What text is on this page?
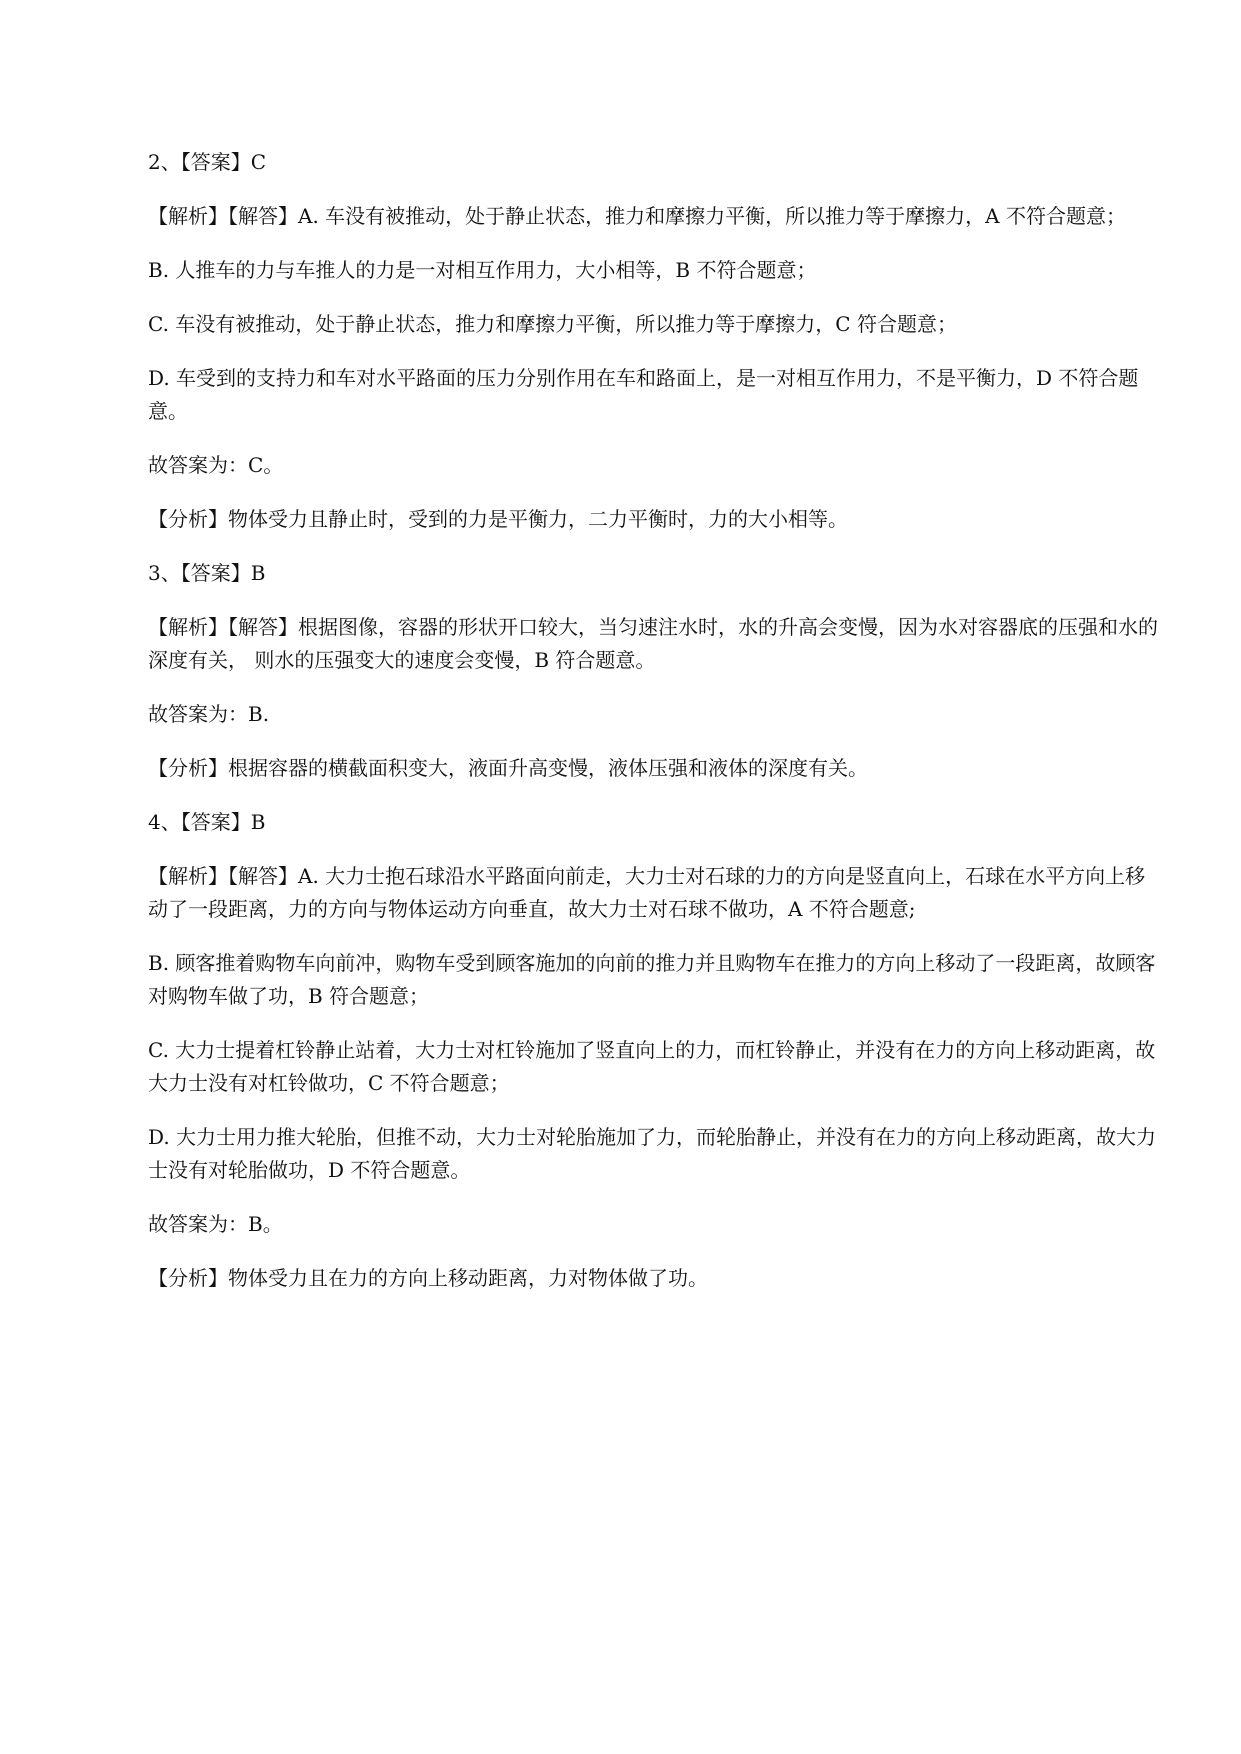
2、【答案】C

【解析】【解答】A. 车没有被推动，处于静止状态，推力和摩擦力平衡，所以推力等于摩擦力，A 不符合题意；

B. 人推车的力与车推人的力是一对相互作用力，大小相等，B 不符合题意；

C. 车没有被推动，处于静止状态，推力和摩擦力平衡，所以推力等于摩擦力，C 符合题意；

D. 车受到的支持力和车对水平路面的压力分别作用在车和路面上，是一对相互作用力，不是平衡力，D 不符合题意。

故答案为：C。

【分析】物体受力且静止时，受到的力是平衡力，二力平衡时，力的大小相等。

3、【答案】B

【解析】【解答】根据图像，容器的形状开口较大，当匀速注水时，水的升高会变慢，因为水对容器底的压强和水的深度有关， 则水的压强变大的速度会变慢，B 符合题意。

故答案为：B.

【分析】根据容器的横截面积变大，液面升高变慢，液体压强和液体的深度有关。

4、【答案】B

【解析】【解答】A. 大力士抱石球沿水平路面向前走，大力士对石球的力的方向是竖直向上，石球在水平方向上移动了一段距离，力的方向与物体运动方向垂直，故大力士对石球不做功，A 不符合题意;

B. 顾客推着购物车向前冲，购物车受到顾客施加的向前的推力并且购物车在推力的方向上移动了一段距离，故顾客对购物车做了功，B 符合题意；

C. 大力士提着杠铃静止站着，大力士对杠铃施加了竖直向上的力，而杠铃静止，并没有在力的方向上移动距离，故大力士没有对杠铃做功，C 不符合题意；

D. 大力士用力推大轮胎，但推不动，大力士对轮胎施加了力，而轮胎静止，并没有在力的方向上移动距离，故大力士没有对轮胎做功，D 不符合题意。

故答案为：B。

【分析】物体受力且在力的方向上移动距离，力对物体做了功。
